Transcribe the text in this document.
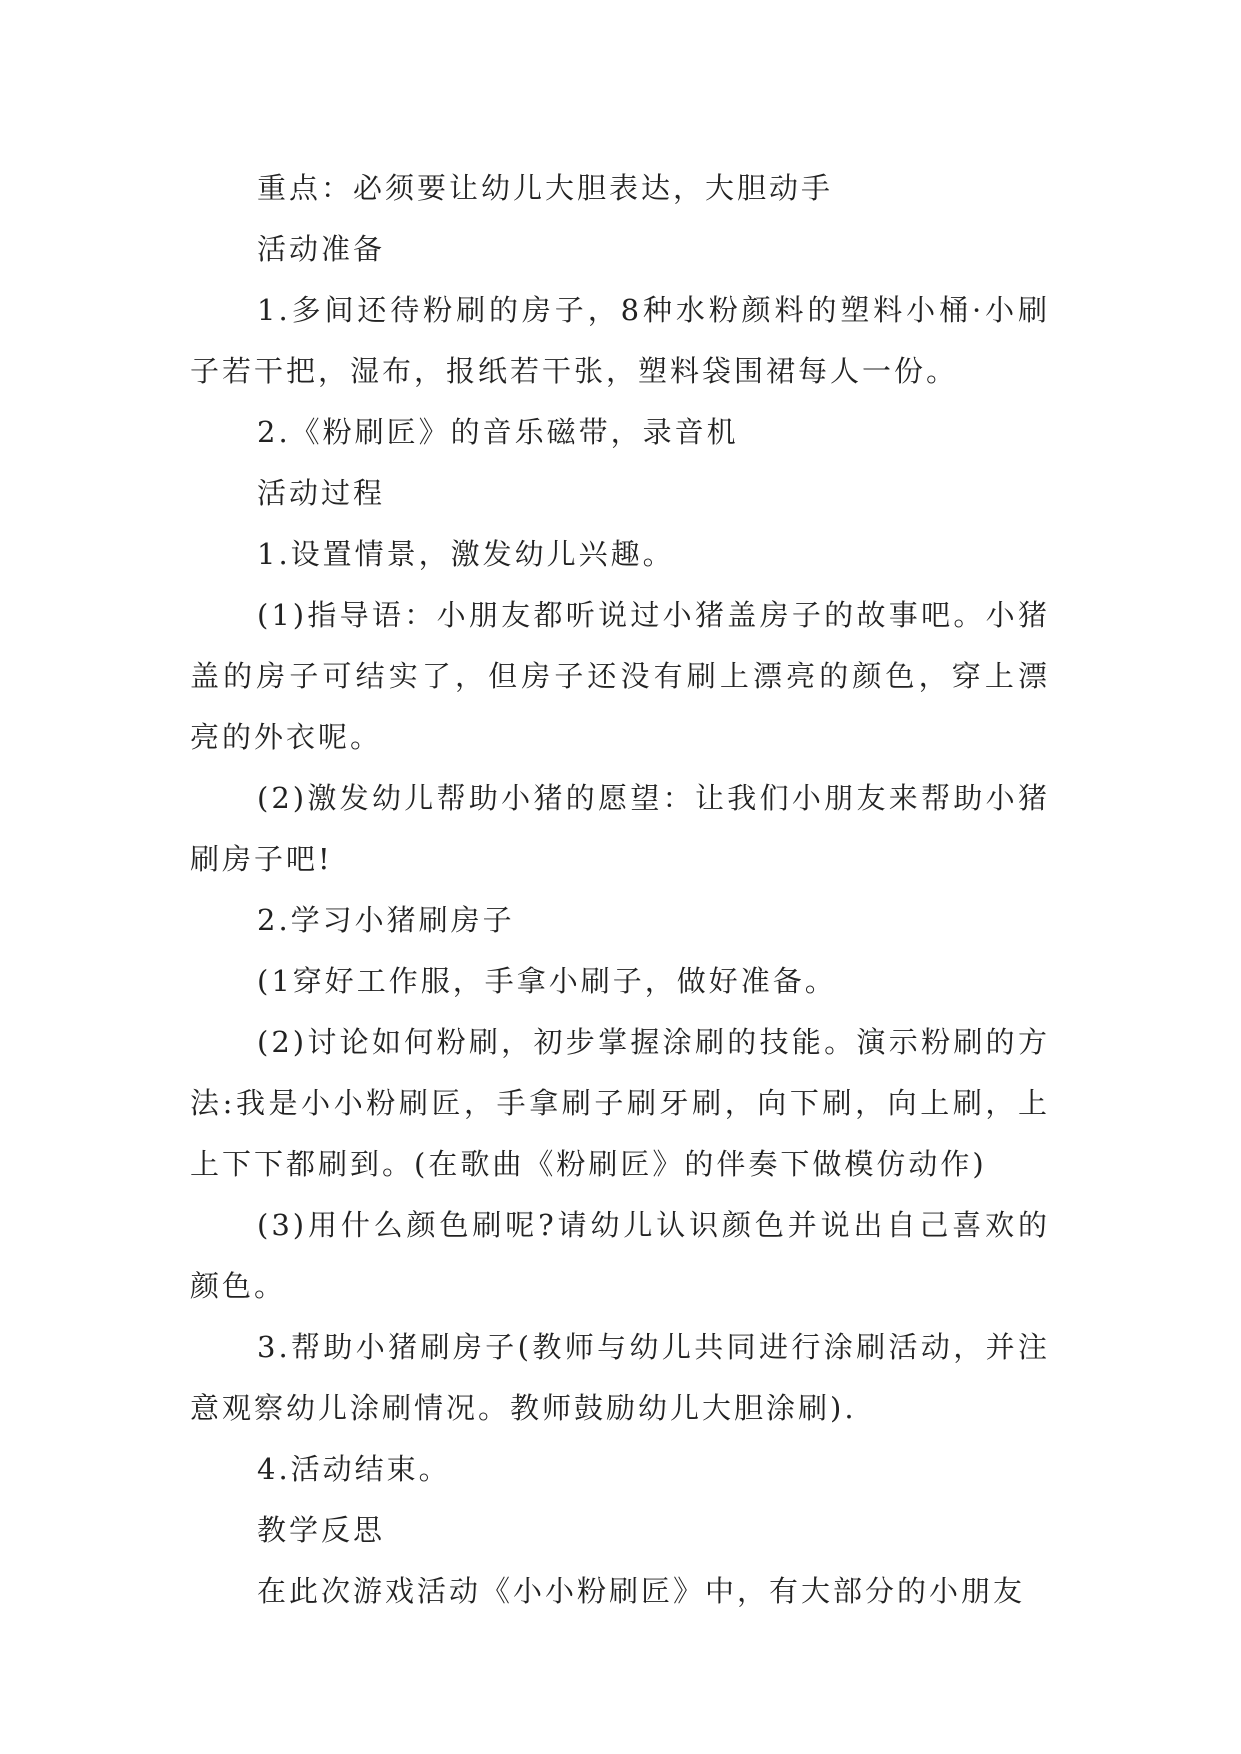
重点：必须要让幼儿大胆表达，大胆动手

活动准备

1.多间还待粉刷的房子，8种水粉颜料的塑料小桶·小刷子若干把，湿布，报纸若干张，塑料袋围裙每人一份。

2.《粉刷匠》的音乐磁带，录音机

活动过程

1.设置情景，激发幼儿兴趣。

(1)指导语：小朋友都听说过小猪盖房子的故事吧。小猪盖的房子可结实了，但房子还没有刷上漂亮的颜色，穿上漂亮的外衣呢。

(2)激发幼儿帮助小猪的愿望：让我们小朋友来帮助小猪刷房子吧!

2.学习小猪刷房子

(1穿好工作服，手拿小刷子，做好准备。

(2)讨论如何粉刷，初步掌握涂刷的技能。演示粉刷的方法:我是小小粉刷匠，手拿刷子刷牙刷，向下刷，向上刷，上上下下都刷到。(在歌曲《粉刷匠》的伴奏下做模仿动作)

(3)用什么颜色刷呢?请幼儿认识颜色并说出自己喜欢的颜色。

3.帮助小猪刷房子(教师与幼儿共同进行涂刷活动，并注意观察幼儿涂刷情况。教师鼓励幼儿大胆涂刷).

4.活动结束。

教学反思

在此次游戏活动《小小粉刷匠》中，有大部分的小朋友
